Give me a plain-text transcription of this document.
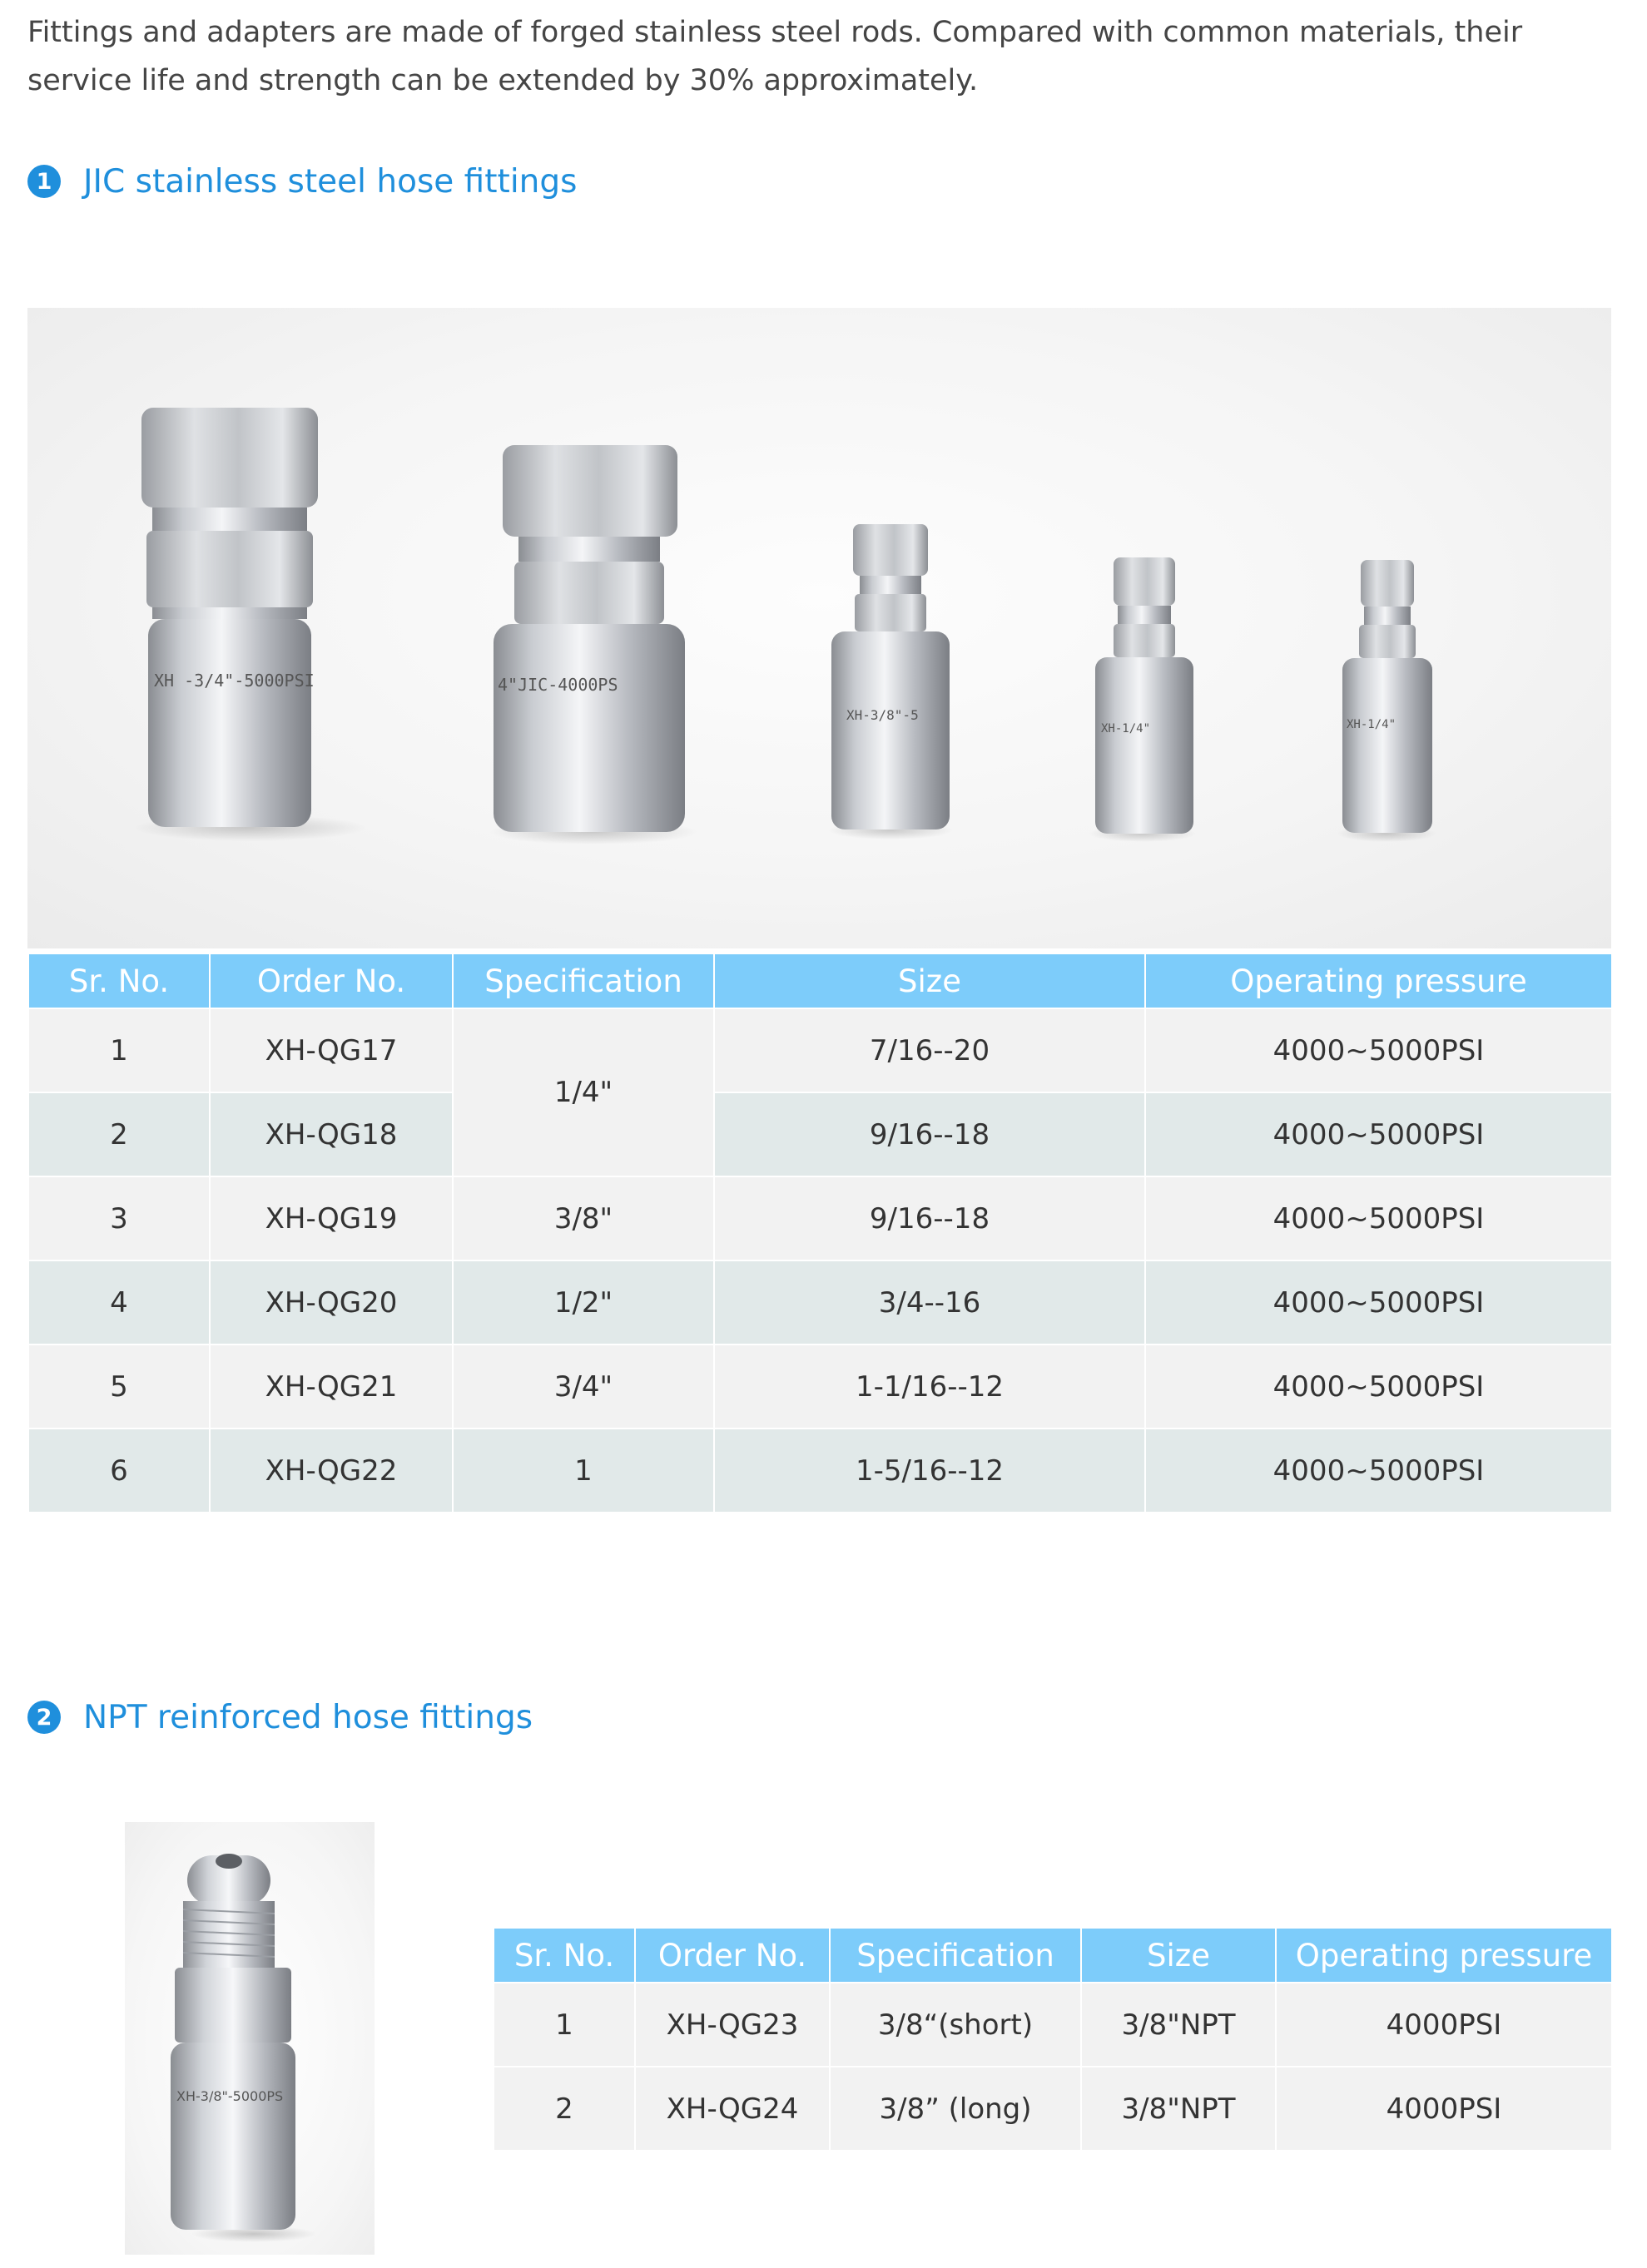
Fittings and adapters are made of forged stainless steel rods. Compared with common materials, their service life and strength can be extended by 30% approximately.

1 JIC stainless steel hose fittings
XH -3/4"-5000PSI	4"JIC-4000PS
XH-3/8"-5
XH-1/4"	XH-1/4"
Sr. No.	Order No.	Specification	Size	Operating pressure
1	XH-QG17	1/4"	7/16--20	4000~5000PSI
2	XH-QG18		9/16--18	4000~5000PSI
3	XH-QG19	3/8"	9/16--18	4000~5000PSI
4	XH-QG20	1/2"	3/4--16	4000~5000PSI
5	XH-QG21	3/4"	1-1/16--12	4000~5000PSI
6	XH-QG22	1	1-5/16--12	4000~5000PSI
2 NPT reinforced hose fittings
XH-3/8"-5000PS
Sr. No.	Order No.	Specification	Size	Operating pressure
1	XH-QG23	3/8“(short)	3/8"NPT	4000PSI
2	XH-QG24	3/8” (long)	3/8"NPT	4000PSI
